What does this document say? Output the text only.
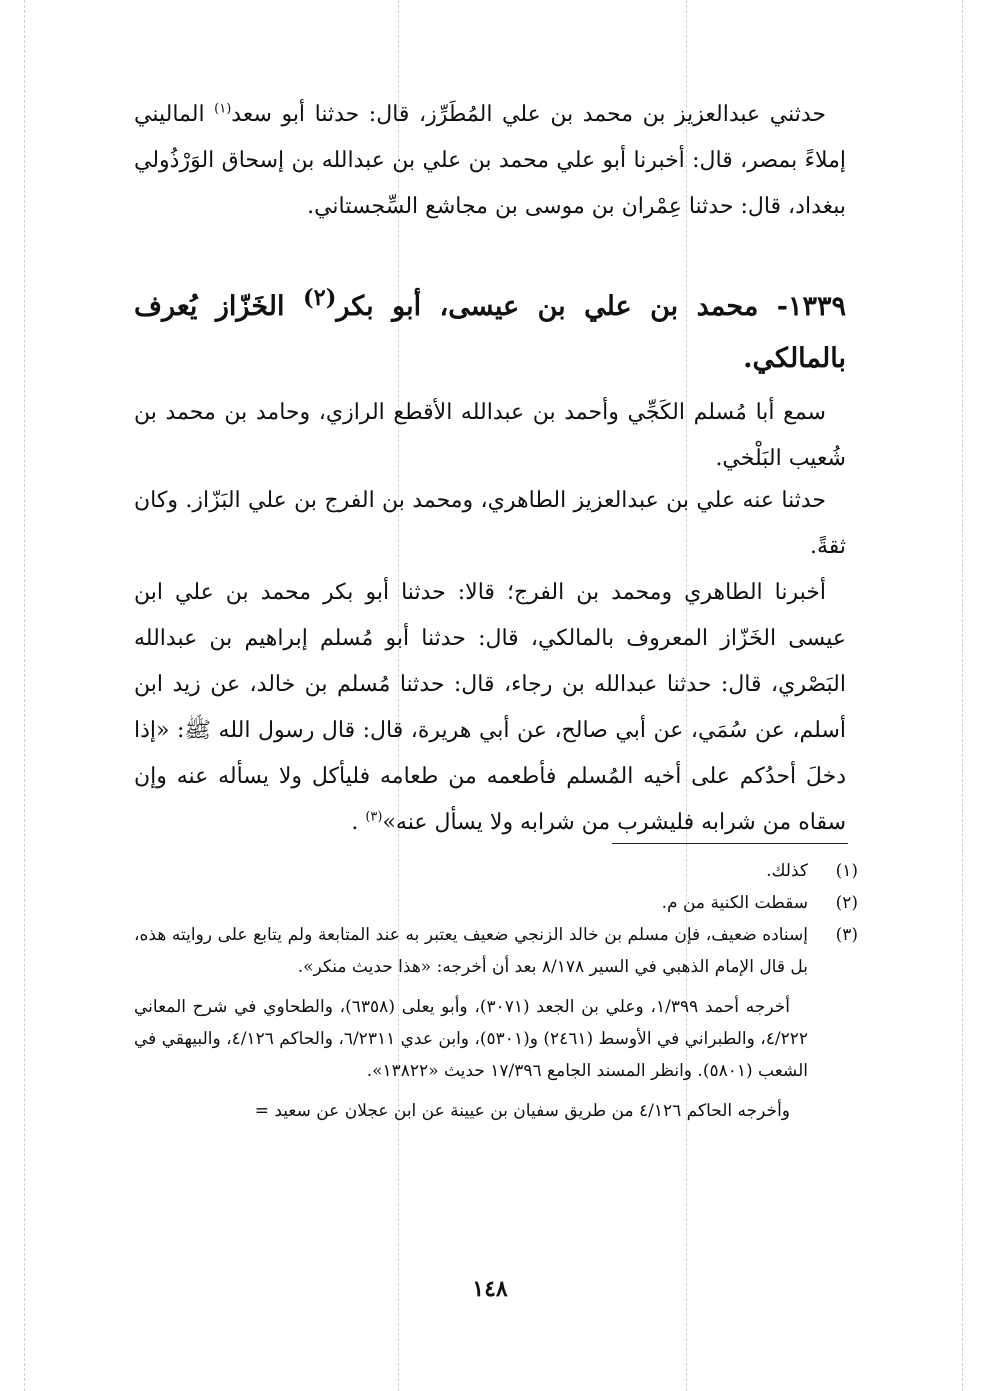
حدثني عبدالعزيز بن محمد بن علي المُطَرِّز، قال: حدثنا أبو سعد$^{(١)}$ الماليني إملاءً بمصر، قال: أخبرنا أبو علي محمد بن علي بن عبدالله بن إسحاق الوَرْذُولي ببغداد، قال: حدثنا عِمْران بن موسى بن مجاشع السِّجستاني.

١٣٣٩- محمد بن علي بن عيسى، أبو بكر$^{(٢)}$ الخَزّاز يُعرف بالمالكي.

سمع أبا مُسلم الكَجِّي وأحمد بن عبدالله الأقطع الرازي، وحامد بن محمد بن شُعيب البَلْخي.

حدثنا عنه علي بن عبدالعزيز الطاهري، ومحمد بن الفرج بن علي البَزّاز. وكان ثقةً.

أخبرنا الطاهري ومحمد بن الفرج؛ قالا: حدثنا أبو بكر محمد بن علي ابن عيسى الخَزّاز المعروف بالمالكي، قال: حدثنا أبو مُسلم إبراهيم بن عبدالله البَصْري، قال: حدثنا عبدالله بن رجاء، قال: حدثنا مُسلم بن خالد، عن زيد ابن أسلم، عن سُمَي، عن أبي صالح، عن أبي هريرة، قال: قال رسول الله ﷺ: «إذا دخلَ أحدُكم على أخيه المُسلم فأطعمه من طعامه فليأكل ولا يسأله عنه وإن سقاه من شرابه فليشرب من شرابه ولا يسأل عنه»$^{(٣)}$ .

(١)
كذلك.
(٢)
سقطت الكنية من م.
(٣)
إسناده ضعيف، فإن مسلم بن خالد الزنجي ضعيف يعتبر به عند المتابعة ولم يتابع على روايته هذه، بل قال الإمام الذهبي في السير ٨/١٧٨ بعد أن أخرجه: «هذا حديث منكر».

أخرجه أحمد ١/٣٩٩، وعلي بن الجعد (٣٠٧١)، وأبو يعلى (٦٣٥٨)، والطحاوي في شرح المعاني ٤/٢٢٢، والطبراني في الأوسط (٢٤٦١) و(٥٣٠١)، وابن عدي ٦/٢٣١١، والحاكم ٤/١٢٦، والبيهقي في الشعب (٥٨٠١). وانظر المسند الجامع ١٧/٣٩٦ حديث «١٣٨٢٢».

وأخرجه الحاكم ٤/١٢٦ من طريق سفيان بن عيينة عن ابن عجلان عن سعيد =

١٤٨
